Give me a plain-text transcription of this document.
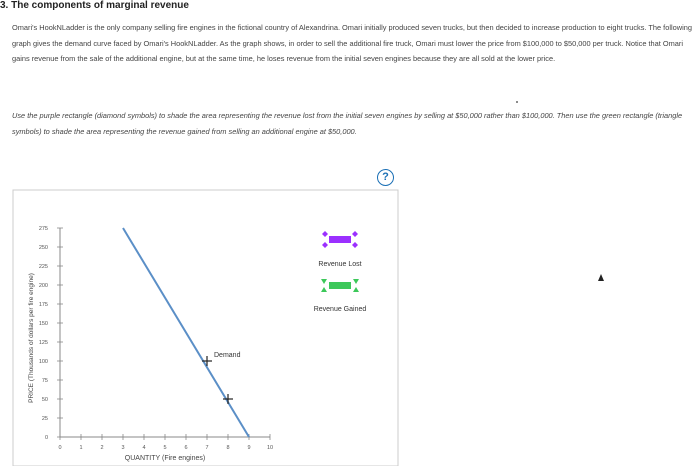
3. The components of marginal revenue
Omari's HookNLadder is the only company selling fire engines in the fictional country of Alexandrina. Omari initially produced seven trucks, but then decided to increase production to eight trucks. The following graph gives the demand curve faced by Omari's HookNLadder. As the graph shows, in order to sell the additional fire truck, Omari must lower the price from $100,000 to $50,000 per truck. Notice that Omari gains revenue from the sale of the additional engine, but at the same time, he loses revenue from the initial seven engines because they are all sold at the lower price.
Use the purple rectangle (diamond symbols) to shade the area representing the revenue lost from the initial seven engines by selling at $50,000 rather than $100,000. Then use the green rectangle (triangle symbols) to shade the area representing the revenue gained from selling an additional engine at $50,000.
?
0
25
50
75
100
125
150
175
200
225
250
275
0	1	2	3	4	5	6	7	8	9	10
QUANTITY (Fire engines)
PRICE (Thousands of dollars per fire engine)	Demand
Revenue Lost
Revenue Gained
